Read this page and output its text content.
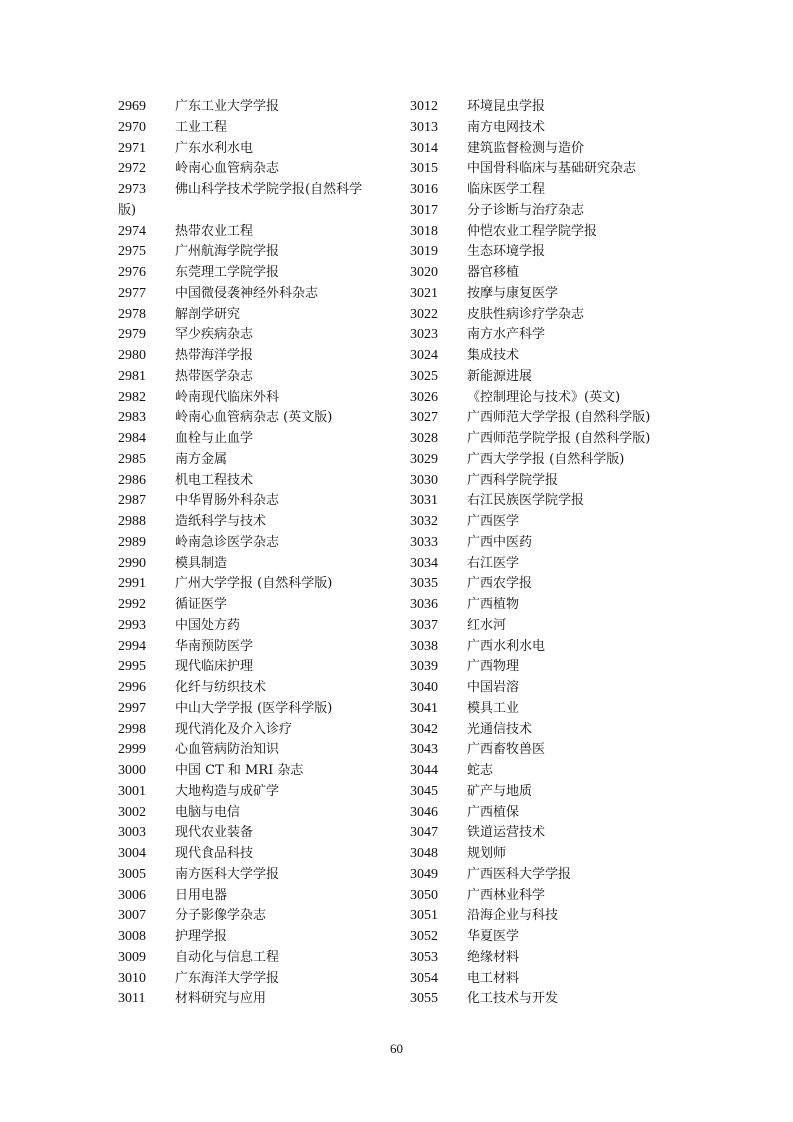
2969	广东工业大学学报
2970	工业工程
2971	广东水利水电
2972	岭南心血管病杂志
2973	佛山科学技术学院学报(自然科学
版)
2974	热带农业工程
2975	广州航海学院学报
2976	东莞理工学院学报
2977	中国微侵袭神经外科杂志
2978	解剖学研究
2979	罕少疾病杂志
2980	热带海洋学报
2981	热带医学杂志
2982	岭南现代临床外科
2983	岭南心血管病杂志 (英文版)
2984	血栓与止血学
2985	南方金属
2986	机电工程技术
2987	中华胃肠外科杂志
2988	造纸科学与技术
2989	岭南急诊医学杂志
2990	模具制造
2991	广州大学学报 (自然科学版)
2992	循证医学
2993	中国处方药
2994	华南预防医学
2995	现代临床护理
2996	化纤与纺织技术
2997	中山大学学报 (医学科学版)
2998	现代消化及介入诊疗
2999	心血管病防治知识
3000	中国 CT 和 MRI 杂志
3001	大地构造与成矿学
3002	电脑与电信
3003	现代农业装备
3004	现代食品科技
3005	南方医科大学学报
3006	日用电器
3007	分子影像学杂志
3008	护理学报
3009	自动化与信息工程
3010	广东海洋大学学报
3011	材料研究与应用
3012	环境昆虫学报
3013	南方电网技术
3014	建筑监督检测与造价
3015	中国骨科临床与基础研究杂志
3016	临床医学工程
3017	分子诊断与治疗杂志
3018	仲恺农业工程学院学报
3019	生态环境学报
3020	器官移植
3021	按摩与康复医学
3022	皮肤性病诊疗学杂志
3023	南方水产科学
3024	集成技术
3025	新能源进展
3026	《控制理论与技术》(英文)
3027	广西师范大学学报 (自然科学版)
3028	广西师范学院学报 (自然科学版)
3029	广西大学学报 (自然科学版)
3030	广西科学院学报
3031	右江民族医学院学报
3032	广西医学
3033	广西中医药
3034	右江医学
3035	广西农学报
3036	广西植物
3037	红水河
3038	广西水利水电
3039	广西物理
3040	中国岩溶
3041	模具工业
3042	光通信技术
3043	广西畜牧兽医
3044	蛇志
3045	矿产与地质
3046	广西植保
3047	铁道运营技术
3048	规划师
3049	广西医科大学学报
3050	广西林业科学
3051	沿海企业与科技
3052	华夏医学
3053	绝缘材料
3054	电工材料
3055	化工技术与开发
60
